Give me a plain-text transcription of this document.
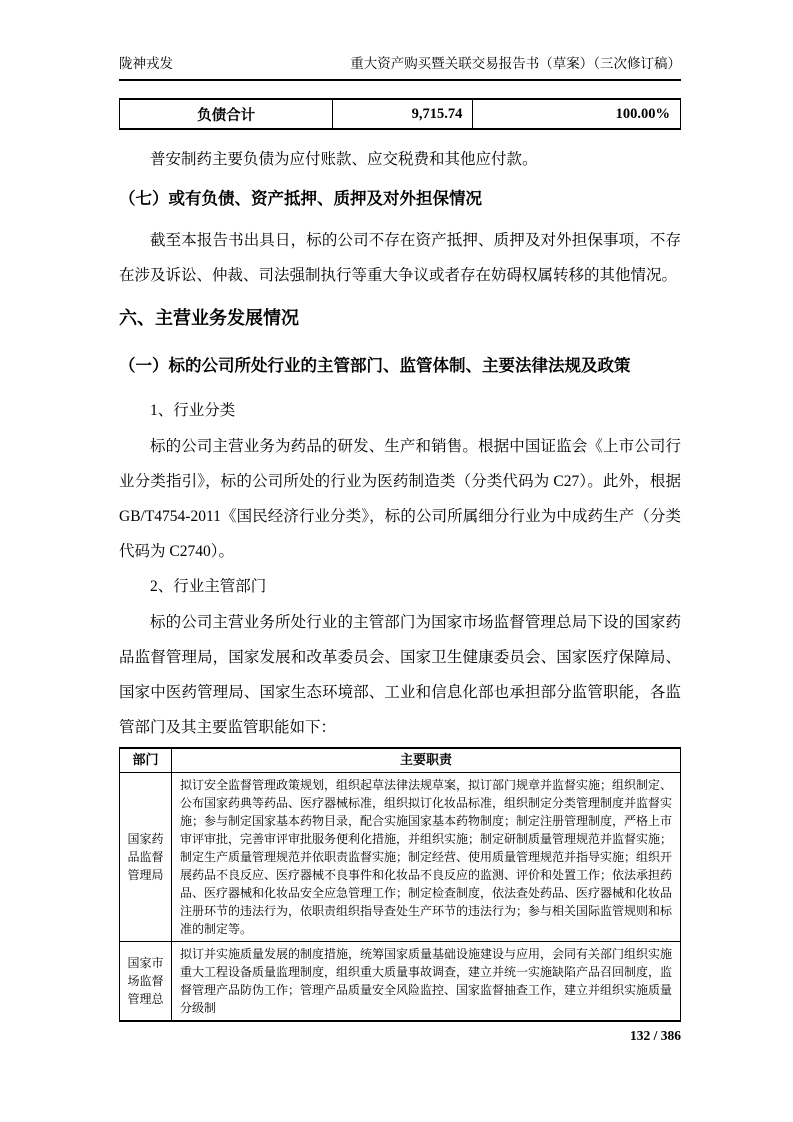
陇神戎发	重大资产购买暨关联交易报告书（草案）（三次修订稿）
负债合计	9,715.74	100.00%

普安制药主要负债为应付账款、应交税费和其他应付款。

（七）或有负债、资产抵押、质押及对外担保情况

截至本报告书出具日，标的公司不存在资产抵押、质押及对外担保事项，不存在涉及诉讼、仲裁、司法强制执行等重大争议或者存在妨碍权属转移的其他情况。

六、主营业务发展情况
（一）标的公司所处行业的主管部门、监管体制、主要法律法规及政策

1、行业分类

标的公司主营业务为药品的研发、生产和销售。根据中国证监会《上市公司行业分类指引》，标的公司所处的行业为医药制造类（分类代码为 C27）。此外，根据 GB/T4754-2011《国民经济行业分类》，标的公司所属细分行业为中成药生产（分类代码为 C2740）。

2、行业主管部门

标的公司主营业务所处行业的主管部门为国家市场监督管理总局下设的国家药品监督管理局，国家发展和改革委员会、国家卫生健康委员会、国家医疗保障局、国家中医药管理局、国家生态环境部、工业和信息化部也承担部分监管职能，各监管部门及其主要监管职能如下：

部门	主要职责
国家药品监督管理局	拟订安全监督管理政策规划，组织起草法律法规草案，拟订部门规章并监督实施；组织制定、公布国家药典等药品、医疗器械标准，组织拟订化妆品标准，组织制定分类管理制度并监督实施；参与制定国家基本药物目录，配合实施国家基本药物制度；制定注册管理制度，严格上市审评审批，完善审评审批服务便利化措施，并组织实施；制定研制质量管理规范并监督实施；制定生产质量管理规范并依职责监督实施；制定经营、使用质量管理规范并指导实施；组织开展药品不良反应、医疗器械不良事件和化妆品不良反应的监测、评价和处置工作；依法承担药品、医疗器械和化妆品安全应急管理工作；制定检查制度，依法查处药品、医疗器械和化妆品注册环节的违法行为，依职责组织指导查处生产环节的违法行为；参与相关国际监管规则和标准的制定等。
国家市场监督管理总	拟订并实施质量发展的制度措施，统筹国家质量基础设施建设与应用，会同有关部门组织实施重大工程设备质量监理制度，组织重大质量事故调查，建立并统一实施缺陷产品召回制度，监督管理产品防伪工作；管理产品质量安全风险监控、国家监督抽查工作，建立并组织实施质量分级制
132 / 386
